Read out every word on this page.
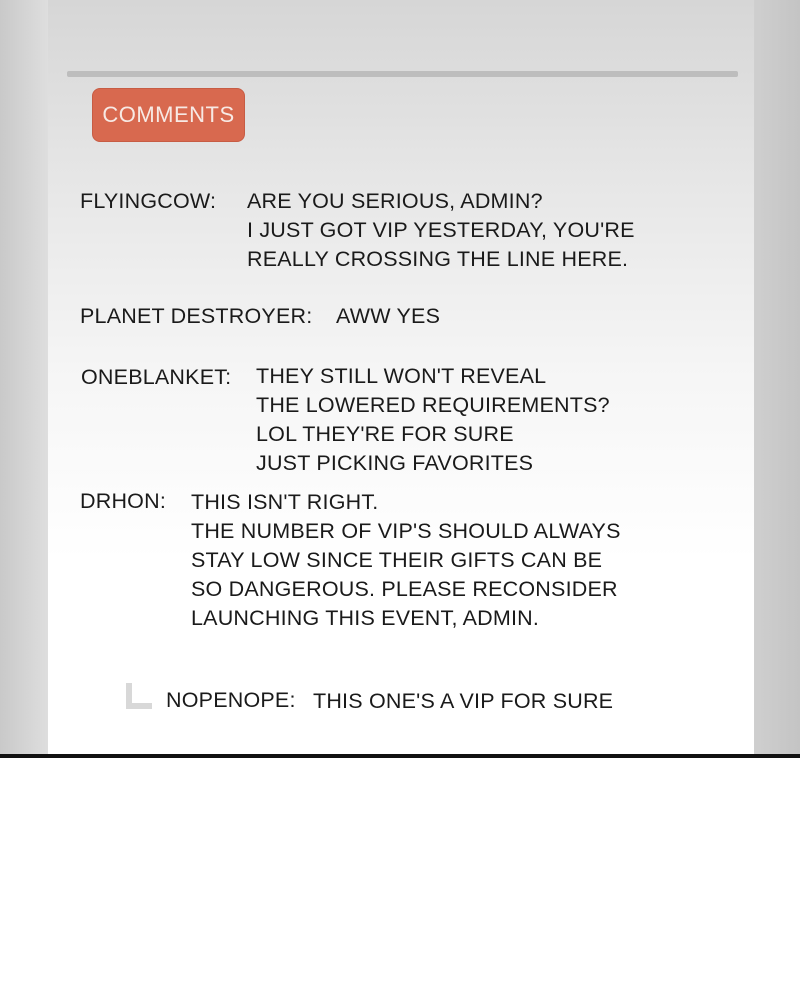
COMMENTS
FLYINGCOW: ARE YOU SERIOUS, ADMIN?
I JUST GOT VIP YESTERDAY, YOU'RE
REALLY CROSSING THE LINE HERE.
PLANET DESTROYER: AWW YES
ONEBLANKET: THEY STILL WON'T REVEAL
THE LOWERED REQUIREMENTS?
LOL THEY'RE FOR SURE
JUST PICKING FAVORITES
DRHON: THIS ISN'T RIGHT.
THE NUMBER OF VIP'S SHOULD ALWAYS
STAY LOW SINCE THEIR GIFTS CAN BE
SO DANGEROUS. PLEASE RECONSIDER
LAUNCHING THIS EVENT, ADMIN.
NOPENOPE: THIS ONE'S A VIP FOR SURE
